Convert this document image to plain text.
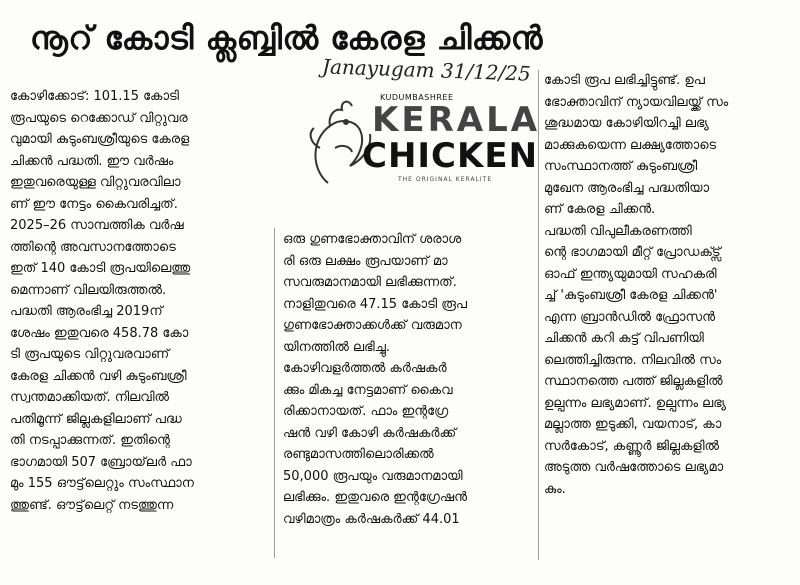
നൂറ് കോടി ക്ലബ്ബിൽ കേരള ചിക്കൻ
Janayugam 31/12/25
KUDUMBASHREE
KERALA
CHICKEN
THE ORIGINAL KERALITE
കോഴിക്കോട്: 101.15 കോടി
രൂപയുടെ റെക്കോഡ് വിറ്റുവര
വുമായി കുടുംബശ്രീയുടെ കേരള
ചിക്കൻ പദ്ധതി. ഈ വർഷം
ഇതുവരെയുള്ള വിറ്റുവരവിലാ
ണ് ഈ നേട്ടം കൈവരിച്ചത്.
2025–26 സാമ്പത്തിക വർഷ
ത്തിന്റെ അവസാനത്തോടെ
ഇത് 140 കോടി രൂപയിലെത്തു
മെന്നാണ് വിലയിരുത്തൽ.
പദ്ധതി ആരംഭിച്ച 2019ന്
ശേഷം ഇതുവരെ 458.78 കോ
ടി രൂപയുടെ വിറ്റുവരവാണ്
കേരള ചിക്കൻ വഴി കുടുംബശ്രീ
സ്വന്തമാക്കിയത്. നിലവിൽ
പതിമൂന്ന് ജില്ലകളിലാണ് പദ്ധ
തി നടപ്പാക്കുന്നത്. ഇതിന്റെ
ഭാഗമായി 507 ബ്രോയ്‌ലർ ഫാ
മും 155 ഔട്ട്‌ലെറ്റും സംസ്ഥാന
ത്തുണ്ട്. ഔട്ട്‌ലെറ്റ് നടത്തുന്ന
ഒരു ഗുണഭോക്താവിന് ശരാശ
രി ഒരു ലക്ഷം രൂപയാണ് മാ
സവരുമാനമായി ലഭിക്കുന്നത്.
നാളിതുവരെ 47.15 കോടി രൂപ
ഗുണഭോക്താക്കൾക്ക് വരുമാന
യിനത്തിൽ ലഭിച്ചു.
കോഴിവളർത്തൽ കർഷകർ
ക്കും മികച്ച നേട്ടമാണ് കൈവ
രിക്കാനായത്. ഫാം ഇന്റഗ്രേ
ഷൻ വഴി കോഴി കർഷകർക്ക്
രണ്ടുമാസത്തിലൊരിക്കൽ
50,000 രൂപയും വരുമാനമായി
ലഭിക്കും. ഇതുവരെ ഇന്റഗ്രേഷൻ
വഴിമാത്രം കർഷകർക്ക് 44.01
കോടി രൂപ ലഭിച്ചിട്ടുണ്ട്. ഉപ
ഭോക്താവിന് ന്യായവിലയ്ക്ക് സം
ശുദ്ധമായ കോഴിയിറച്ചി ലഭ്യ
മാക്കുകയെന്ന ലക്ഷ്യത്തോടെ
സംസ്ഥാനത്ത് കുടുംബശ്രീ
മുഖേന ആരംഭിച്ച പദ്ധതിയാ
ണ് കേരള ചിക്കൻ.
പദ്ധതി വിപുലീകരണത്തി
ന്റെ ഭാഗമായി മീറ്റ് പ്രോഡക്ട്സ്
ഓഫ് ഇന്ത്യയുമായി സഹകരി
ച്ച് 'കുടുംബശ്രീ കേരള ചിക്കൻ'
എന്ന ബ്രാൻഡിൽ ഫ്രോസൻ
ചിക്കൻ കറി കട്ട് വിപണിയി
ലെത്തിച്ചിരുന്നു. നിലവിൽ സം
സ്ഥാനത്തെ പത്ത് ജില്ലകളിൽ
ഉല്പന്നം ലഭ്യമാണ്. ഉല്പന്നം ലഭ്യ
മല്ലാത്ത ഇടുക്കി, വയനാട്, കാ
സർകോട്, കണ്ണൂർ ജില്ലകളിൽ
അടുത്ത വർഷത്തോടെ ലഭ്യമാ
കും.
